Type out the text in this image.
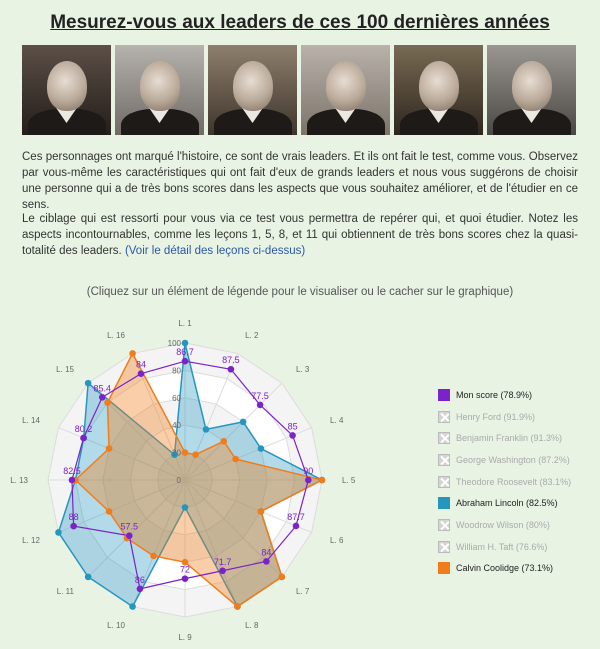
Mesurez-vous aux leaders de ces 100 dernières années

Ces personnages ont marqué l'histoire, ce sont de vrais leaders. Et ils ont fait le test, comme vous. Observez par vous-même les caractéristiques qui ont fait d'eux de grands leaders et nous vous suggérons de choisir une personne qui a de très bons scores dans les aspects que vous souhaitez améliorer, et de l'étudier en ce sens.

Le ciblage qui est ressorti pour vous via ce test vous permettra de repérer qui, et quoi étudier. Notez les aspects incontournables, comme les leçons 1, 5, 8, et 11 qui obtiennent de très bons scores chez la quasi-totalité des leaders. (Voir le détail des leçons ci-dessus)

(Cliquez sur un élément de légende pour le visualiser ou le cacher sur le graphique)
0
20
40
60
80
100
86.7
87.5
77.5
85
90
87.7
84
71.7
72
86
57.5
88
82.5
80.2
85.4
84
L. 1
L. 2
L. 3
L. 4
L. 5
L. 6
L. 7
L. 8
L. 9
L. 10
L. 11
L. 12
L. 13
L. 14
L. 15
L. 16
Mon score (78.9%)
Henry Ford (91.9%)
Benjamin Franklin (91.3%)
George Washington (87.2%)
Theodore Roosevelt (83.1%)
Abraham Lincoln (82.5%)
Woodrow Wilson (80%)
William H. Taft (76.6%)
Calvin Coolidge (73.1%)
